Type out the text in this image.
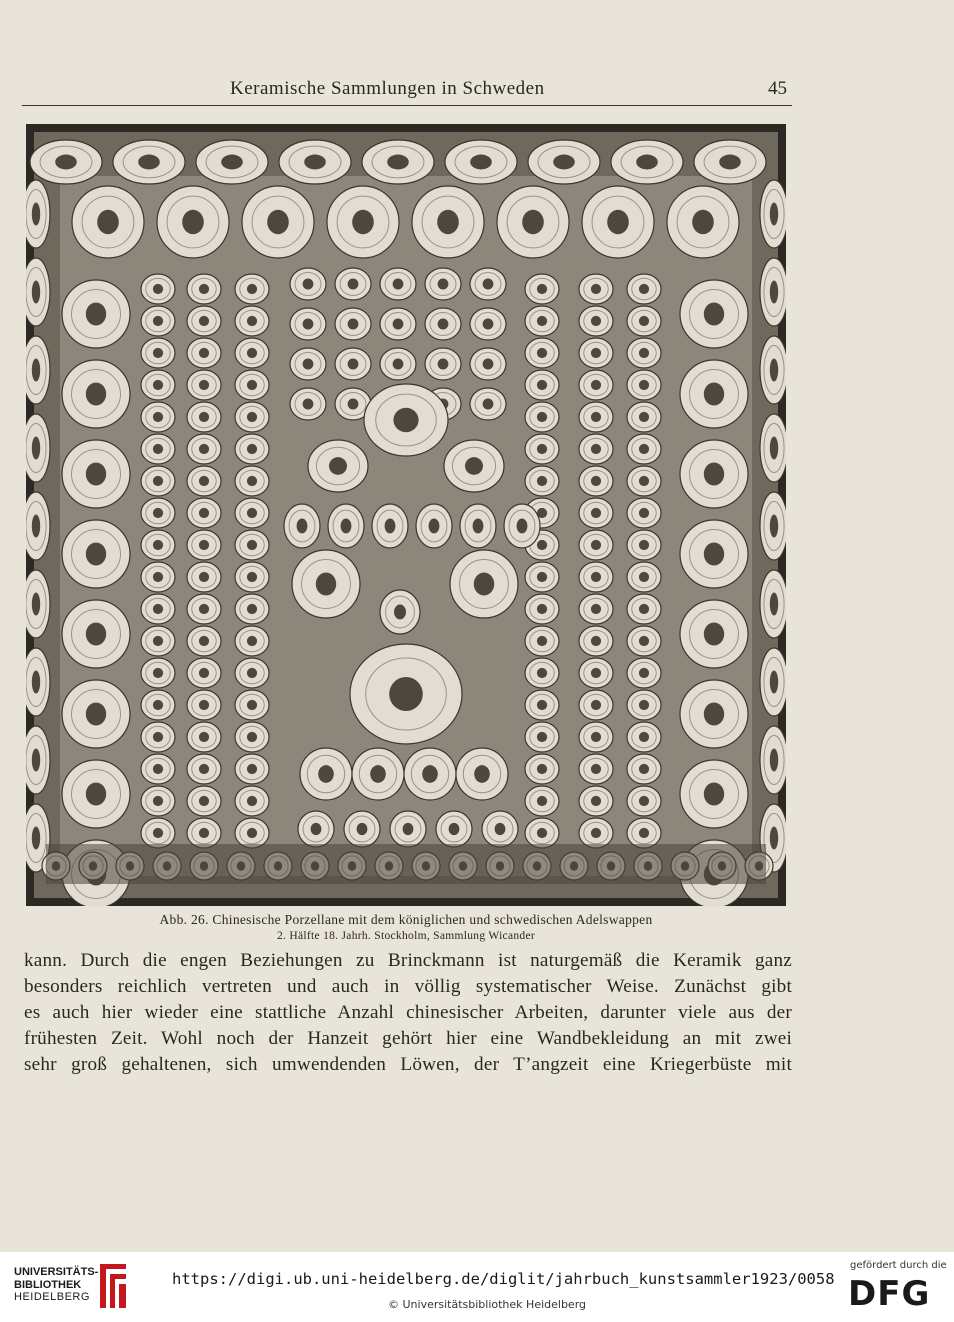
Keramische Sammlungen in Schweden	45
Abb. 26. Chinesische Porzellane mit dem königlichen und schwedischen Adelswappen
2. Hälfte 18. Jahrh. Stockholm, Sammlung Wicander
kann. Durch die engen Beziehungen zu Brinckmann ist naturgemäß die Keramik ganz
besonders reichlich vertreten und auch in völlig systematischer Weise. Zunächst gibt
es auch hier wieder eine stattliche Anzahl chinesischer Arbeiten, darunter viele aus der
frühesten Zeit. Wohl noch der Hanzeit gehört hier eine Wandbekleidung an mit zwei
sehr groß gehaltenen, sich umwendenden Löwen, der T’angzeit eine Kriegerbüste mit
UNIVERSITÄTS-
BIBLIOTHEK
HEIDELBERG
https://digi.ub.uni-heidelberg.de/diglit/jahrbuch_kunstsammler1923/0058
© Universitätsbibliothek Heidelberg
gefördert durch die
DFG
